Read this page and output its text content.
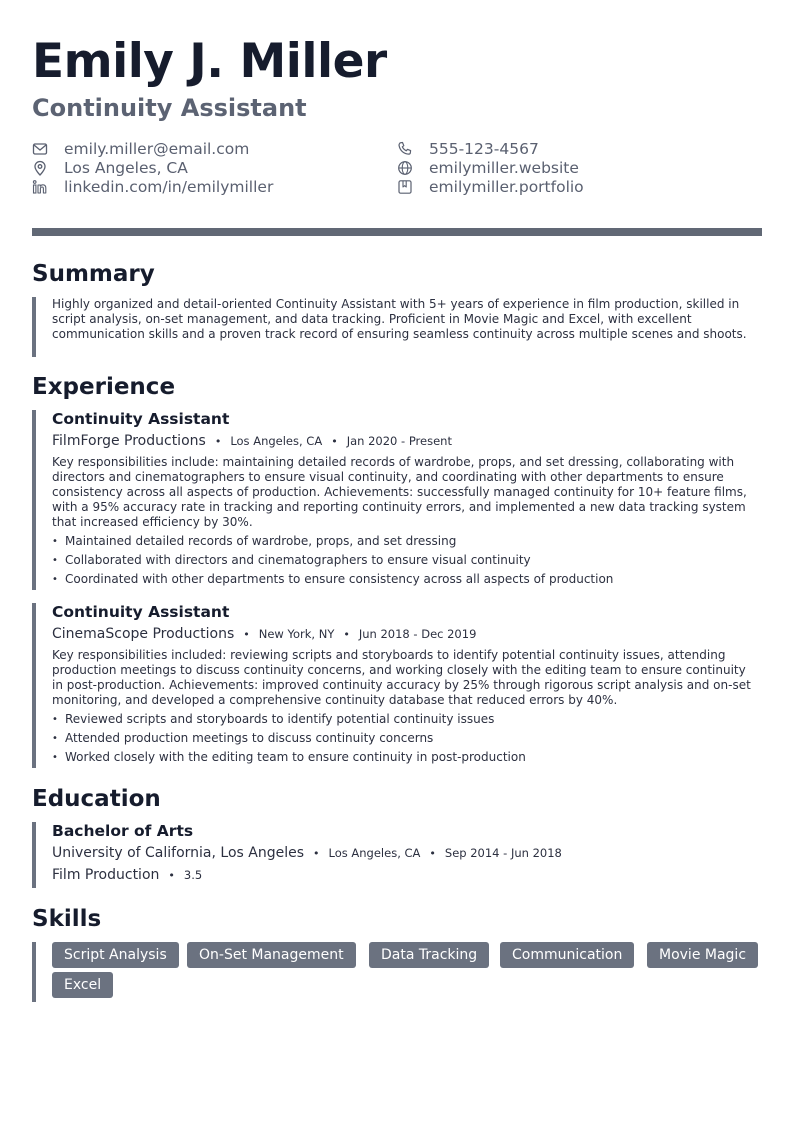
Emily J. Miller
Continuity Assistant
emily.miller@email.com	555-123-4567
Los Angeles, CA	emilymiller.website
linkedin.com/in/emilymiller	emilymiller.portfolio
Summary

Highly organized and detail-oriented Continuity Assistant with 5+ years of experience in film production, skilled in script analysis, on-set management, and data tracking. Proficient in Movie Magic and Excel, with excellent communication skills and a proven track record of ensuring seamless continuity across multiple scenes and shoots.

Experience
Continuity Assistant
FilmForge Productions • Los Angeles, CA • Jan 2020 - Present

Key responsibilities include: maintaining detailed records of wardrobe, props, and set dressing, collaborating with directors and cinematographers to ensure visual continuity, and coordinating with other departments to ensure consistency across all aspects of production. Achievements: successfully managed continuity for 10+ feature films, with a 95% accuracy rate in tracking and reporting continuity errors, and implemented a new data tracking system that increased efficiency by 30%.

• Maintained detailed records of wardrobe, props, and set dressing
• Collaborated with directors and cinematographers to ensure visual continuity
• Coordinated with other departments to ensure consistency across all aspects of production
Continuity Assistant
CinemaScope Productions • New York, NY • Jun 2018 - Dec 2019

Key responsibilities included: reviewing scripts and storyboards to identify potential continuity issues, attending production meetings to discuss continuity concerns, and working closely with the editing team to ensure continuity in post-production. Achievements: improved continuity accuracy by 25% through rigorous script analysis and on-set monitoring, and developed a comprehensive continuity database that reduced errors by 40%.

• Reviewed scripts and storyboards to identify potential continuity issues
• Attended production meetings to discuss continuity concerns
• Worked closely with the editing team to ensure continuity in post-production
Education
Bachelor of Arts
University of California, Los Angeles • Los Angeles, CA • Sep 2014 - Jun 2018
Film Production • 3.5
Skills
Script Analysis	On-Set Management	Data Tracking	Communication	Movie Magic
Excel
